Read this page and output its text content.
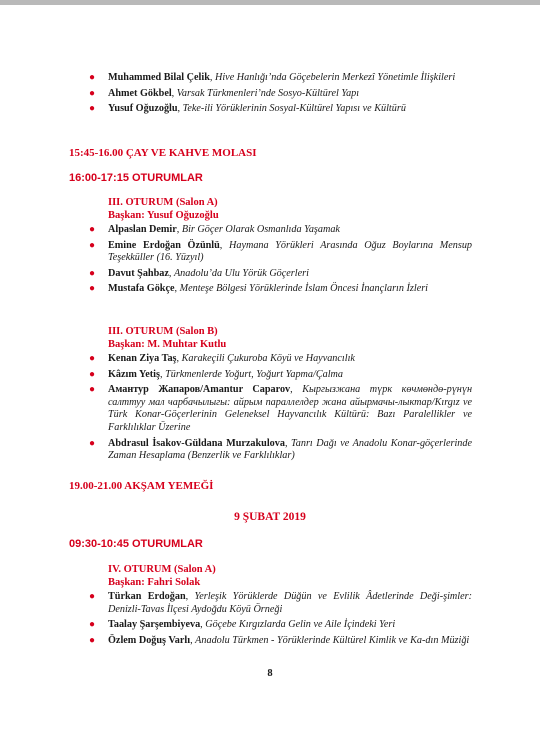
● Muhammed Bilal Çelik, Hive Hanlığı’nda Göçebelerin Merkezî Yönetimle İlişkileri
● Ahmet Gökbel, Varsak Türkmenleri’nde Sosyo-Kültürel Yapı
● Yusuf Oğuzoğlu, Teke-ili Yörüklerinin Sosyal-Kültürel Yapısı ve Kültürü
15:45-16.00 ÇAY VE KAHVE MOLASI
16:00-17:15 OTURUMLAR
III. OTURUM (Salon A)
Başkan: Yusuf Oğuzoğlu
● Alpaslan Demir, Bir Göçer Olarak Osmanlıda Yaşamak
● Emine Erdoğan Özünlü, Haymana Yörükleri Arasında Oğuz Boylarına Mensup Teşekküller (16. Yüzyıl)
● Davut Şahbaz, Anadolu’da Ulu Yörük Göçerleri
● Mustafa Gökçe, Menteşe Bölgesi Yörüklerinde İslam Öncesi İnançların İzleri
III. OTURUM (Salon B)
Başkan: M. Muhtar Kutlu
● Kenan Ziya Taş, Karakeçili Çukuroba Köyü ve Hayvancılık
● Kâzım Yetiş, Türkmenlerde Yoğurt, Yoğurt Yapma/Çalma
● Амантур Жапаров/Amantur Caparov, Кыргызжана түрк көчмөндө-рүнүн салттуу мал чарбачылыгы: айрым параллелдер жана айырмачы-лыктар/Kırgız ve Türk Konar-Göçerlerinin Geleneksel Hayvancılık Kültürü: Bazı Paralellikler ve Farklılıklar Üzerine
● Abdrasul İsakov-Güldana Murzakulova, Tanrı Dağı ve Anadolu Konar-göçerlerinde Zaman Hesaplama (Benzerlik ve Farklılıklar)
19.00-21.00 AKŞAM YEMEĞİ
9 ŞUBAT 2019
09:30-10:45 OTURUMLAR
IV. OTURUM (Salon A)
Başkan: Fahri Solak
● Türkan Erdoğan, Yerleşik Yörüklerde Düğün ve Evlilik Âdetlerinde Deği-şimler: Denizli-Tavas İlçesi Aydoğdu Köyü Örneği
● Taalay Şarşembiyeva, Göçebe Kırgızlarda Gelin ve Aile İçindeki Yeri
● Özlem Doğuş Varlı, Anadolu Türkmen - Yörüklerinde Kültürel Kimlik ve Ka-dın Müziği
8
